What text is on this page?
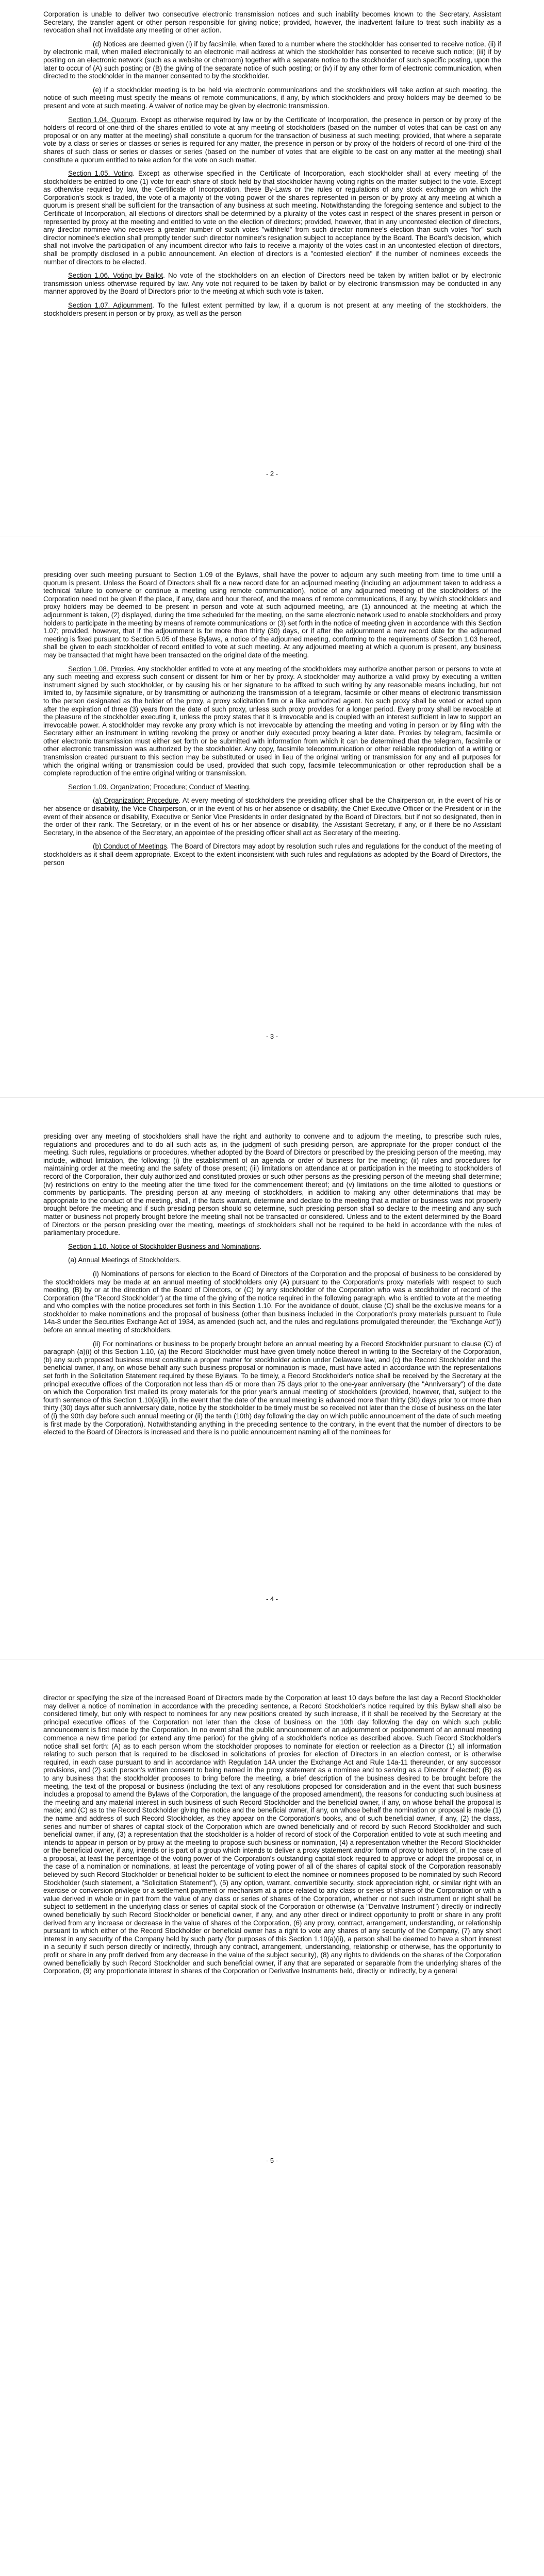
Corporation is unable to deliver two consecutive electronic transmission notices and such inability becomes known to the Secretary, Assistant Secretary, the transfer agent or other person responsible for giving notice; provided, however, the inadvertent failure to treat such inability as a revocation shall not invalidate any meeting or other action.

(d) Notices are deemed given (i) if by facsimile, when faxed to a number where the stockholder has consented to receive notice, (ii) if by electronic mail, when mailed electronically to an electronic mail address at which the stockholder has consented to receive such notice; (iii) if by posting on an electronic network (such as a website or chatroom) together with a separate notice to the stockholder of such specific posting, upon the later to occur of (A) such posting or (B) the giving of the separate notice of such posting; or (iv) if by any other form of electronic communication, when directed to the stockholder in the manner consented to by the stockholder.

(e) If a stockholder meeting is to be held via electronic communications and the stockholders will take action at such meeting, the notice of such meeting must specify the means of remote communications, if any, by which stockholders and proxy holders may be deemed to be present and vote at such meeting. A waiver of notice may be given by electronic transmission.

Section 1.04. Quorum. Except as otherwise required by law or by the Certificate of Incorporation, the presence in person or by proxy of the holders of record of one-third of the shares entitled to vote at any meeting of stockholders (based on the number of votes that can be cast on any proposal or on any matter at the meeting) shall constitute a quorum for the transaction of business at such meeting; provided, that where a separate vote by a class or series or classes or series is required for any matter, the presence in person or by proxy of the holders of record of one-third of the shares of such class or series or classes or series (based on the number of votes that are eligible to be cast on any matter at the meeting) shall constitute a quorum entitled to take action for the vote on such matter.

Section 1.05. Voting. Except as otherwise specified in the Certificate of Incorporation, each stockholder shall at every meeting of the stockholders be entitled to one (1) vote for each share of stock held by that stockholder having voting rights on the matter subject to the vote. Except as otherwise required by law, the Certificate of Incorporation, these By-Laws or the rules or regulations of any stock exchange on which the Corporation's stock is traded, the vote of a majority of the voting power of the shares represented in person or by proxy at any meeting at which a quorum is present shall be sufficient for the transaction of any business at such meeting. Notwithstanding the foregoing sentence and subject to the Certificate of Incorporation, all elections of directors shall be determined by a plurality of the votes cast in respect of the shares present in person or represented by proxy at the meeting and entitled to vote on the election of directors; provided, however, that in any uncontested election of directors, any director nominee who receives a greater number of such votes "withheld" from such director nominee's election than such votes "for" such director nominee's election shall promptly tender such director nominee's resignation subject to acceptance by the Board. The Board's decision, which shall not involve the participation of any incumbent director who fails to receive a majority of the votes cast in an uncontested election of directors, shall be promptly disclosed in a public announcement. An election of directors is a "contested election" if the number of nominees exceeds the number of directors to be elected.

Section 1.06. Voting by Ballot. No vote of the stockholders on an election of Directors need be taken by written ballot or by electronic transmission unless otherwise required by law. Any vote not required to be taken by ballot or by electronic transmission may be conducted in any manner approved by the Board of Directors prior to the meeting at which such vote is taken.

Section 1.07. Adjournment. To the fullest extent permitted by law, if a quorum is not present at any meeting of the stockholders, the stockholders present in person or by proxy, as well as the person

- 2 -

presiding over such meeting pursuant to Section 1.09 of the Bylaws, shall have the power to adjourn any such meeting from time to time until a quorum is present. Unless the Board of Directors shall fix a new record date for an adjourned meeting (including an adjournment taken to address a technical failure to convene or continue a meeting using remote communication), notice of any adjourned meeting of the stockholders of the Corporation need not be given if the place, if any, date and hour thereof, and the means of remote communications, if any, by which stockholders and proxy holders may be deemed to be present in person and vote at such adjourned meeting, are (1) announced at the meeting at which the adjournment is taken, (2) displayed, during the time scheduled for the meeting, on the same electronic network used to enable stockholders and proxy holders to participate in the meeting by means of remote communications or (3) set forth in the notice of meeting given in accordance with this Section 1.07; provided, however, that if the adjournment is for more than thirty (30) days, or if after the adjournment a new record date for the adjourned meeting is fixed pursuant to Section 5.05 of these Bylaws, a notice of the adjourned meeting, conforming to the requirements of Section 1.03 hereof, shall be given to each stockholder of record entitled to vote at such meeting. At any adjourned meeting at which a quorum is present, any business may be transacted that might have been transacted on the original date of the meeting.

Section 1.08. Proxies. Any stockholder entitled to vote at any meeting of the stockholders may authorize another person or persons to vote at any such meeting and express such consent or dissent for him or her by proxy. A stockholder may authorize a valid proxy by executing a written instrument signed by such stockholder, or by causing his or her signature to be affixed to such writing by any reasonable means including, but not limited to, by facsimile signature, or by transmitting or authorizing the transmission of a telegram, facsimile or other means of electronic transmission to the person designated as the holder of the proxy, a proxy solicitation firm or a like authorized agent. No such proxy shall be voted or acted upon after the expiration of three (3) years from the date of such proxy, unless such proxy provides for a longer period. Every proxy shall be revocable at the pleasure of the stockholder executing it, unless the proxy states that it is irrevocable and is coupled with an interest sufficient in law to support an irrevocable power. A stockholder may revoke any proxy which is not irrevocable by attending the meeting and voting in person or by filing with the Secretary either an instrument in writing revoking the proxy or another duly executed proxy bearing a later date. Proxies by telegram, facsimile or other electronic transmission must either set forth or be submitted with information from which it can be determined that the telegram, facsimile or other electronic transmission was authorized by the stockholder. Any copy, facsimile telecommunication or other reliable reproduction of a writing or transmission created pursuant to this section may be substituted or used in lieu of the original writing or transmission for any and all purposes for which the original writing or transmission could be used, provided that such copy, facsimile telecommunication or other reproduction shall be a complete reproduction of the entire original writing or transmission.

Section 1.09. Organization; Procedure; Conduct of Meeting.

(a) Organization; Procedure. At every meeting of stockholders the presiding officer shall be the Chairperson or, in the event of his or her absence or disability, the Vice Chairperson, or in the event of his or her absence or disability, the Chief Executive Officer or the President or in the event of their absence or disability, Executive or Senior Vice Presidents in order designated by the Board of Directors, but if not so designated, then in the order of their rank. The Secretary, or in the event of his or her absence or disability, the Assistant Secretary, if any, or if there be no Assistant Secretary, in the absence of the Secretary, an appointee of the presiding officer shall act as Secretary of the meeting.

(b) Conduct of Meetings. The Board of Directors may adopt by resolution such rules and regulations for the conduct of the meeting of stockholders as it shall deem appropriate. Except to the extent inconsistent with such rules and regulations as adopted by the Board of Directors, the person

- 3 -

presiding over any meeting of stockholders shall have the right and authority to convene and to adjourn the meeting, to prescribe such rules, regulations and procedures and to do all such acts as, in the judgment of such presiding person, are appropriate for the proper conduct of the meeting. Such rules, regulations or procedures, whether adopted by the Board of Directors or prescribed by the presiding person of the meeting, may include, without limitation, the following: (i) the establishment of an agenda or order of business for the meeting; (ii) rules and procedures for maintaining order at the meeting and the safety of those present; (iii) limitations on attendance at or participation in the meeting to stockholders of record of the Corporation, their duly authorized and constituted proxies or such other persons as the presiding person of the meeting shall determine; (iv) restrictions on entry to the meeting after the time fixed for the commencement thereof; and (v) limitations on the time allotted to questions or comments by participants. The presiding person at any meeting of stockholders, in addition to making any other determinations that may be appropriate to the conduct of the meeting, shall, if the facts warrant, determine and declare to the meeting that a matter or business was not properly brought before the meeting and if such presiding person should so determine, such presiding person shall so declare to the meeting and any such matter or business not properly brought before the meeting shall not be transacted or considered. Unless and to the extent determined by the Board of Directors or the person presiding over the meeting, meetings of stockholders shall not be required to be held in accordance with the rules of parliamentary procedure.

Section 1.10. Notice of Stockholder Business and Nominations.

(a) Annual Meetings of Stockholders.

(i) Nominations of persons for election to the Board of Directors of the Corporation and the proposal of business to be considered by the stockholders may be made at an annual meeting of stockholders only (A) pursuant to the Corporation's proxy materials with respect to such meeting, (B) by or at the direction of the Board of Directors, or (C) by any stockholder of the Corporation who was a stockholder of record of the Corporation (the "Record Stockholder") at the time of the giving of the notice required in the following paragraph, who is entitled to vote at the meeting and who complies with the notice procedures set forth in this Section 1.10. For the avoidance of doubt, clause (C) shall be the exclusive means for a stockholder to make nominations and the proposal of business (other than business included in the Corporation's proxy materials pursuant to Rule 14a-8 under the Securities Exchange Act of 1934, as amended (such act, and the rules and regulations promulgated thereunder, the "Exchange Act")) before an annual meeting of stockholders.

(ii) For nominations or business to be properly brought before an annual meeting by a Record Stockholder pursuant to clause (C) of paragraph (a)(i) of this Section 1.10, (a) the Record Stockholder must have given timely notice thereof in writing to the Secretary of the Corporation, (b) any such proposed business must constitute a proper matter for stockholder action under Delaware law, and (c) the Record Stockholder and the beneficial owner, if any, on whose behalf any such business proposal or nomination is made, must have acted in accordance with the representations set forth in the Solicitation Statement required by these Bylaws. To be timely, a Record Stockholder's notice shall be received by the Secretary at the principal executive offices of the Corporation not less than 45 or more than 75 days prior to the one-year anniversary (the "Anniversary") of the date on which the Corporation first mailed its proxy materials for the prior year's annual meeting of stockholders (provided, however, that, subject to the fourth sentence of this Section 1.10(a)(ii), in the event that the date of the annual meeting is advanced more than thirty (30) days prior to or more than thirty (30) days after such anniversary date, notice by the stockholder to be timely must be so received not later than the close of business on the later of (i) the 90th day before such annual meeting or (ii) the tenth (10th) day following the day on which public announcement of the date of such meeting is first made by the Corporation). Notwithstanding anything in the preceding sentence to the contrary, in the event that the number of directors to be elected to the Board of Directors is increased and there is no public announcement naming all of the nominees for

- 4 -

director or specifying the size of the increased Board of Directors made by the Corporation at least 10 days before the last day a Record Stockholder may deliver a notice of nomination in accordance with the preceding sentence, a Record Stockholder's notice required by this Bylaw shall also be considered timely, but only with respect to nominees for any new positions created by such increase, if it shall be received by the Secretary at the principal executive offices of the Corporation not later than the close of business on the 10th day following the day on which such public announcement is first made by the Corporation. In no event shall the public announcement of an adjournment or postponement of an annual meeting commence a new time period (or extend any time period) for the giving of a stockholder's notice as described above. Such Record Stockholder's notice shall set forth: (A) as to each person whom the stockholder proposes to nominate for election or reelection as a Director (1) all information relating to such person that is required to be disclosed in solicitations of proxies for election of Directors in an election contest, or is otherwise required, in each case pursuant to and in accordance with Regulation 14A under the Exchange Act and Rule 14a-11 thereunder, or any successor provisions, and (2) such person's written consent to being named in the proxy statement as a nominee and to serving as a Director if elected; (B) as to any business that the stockholder proposes to bring before the meeting, a brief description of the business desired to be brought before the meeting, the text of the proposal or business (including the text of any resolutions proposed for consideration and in the event that such business includes a proposal to amend the Bylaws of the Corporation, the language of the proposed amendment), the reasons for conducting such business at the meeting and any material interest in such business of such Record Stockholder and the beneficial owner, if any, on whose behalf the proposal is made; and (C) as to the Record Stockholder giving the notice and the beneficial owner, if any, on whose behalf the nomination or proposal is made (1) the name and address of such Record Stockholder, as they appear on the Corporation's books, and of such beneficial owner, if any, (2) the class, series and number of shares of capital stock of the Corporation which are owned beneficially and of record by such Record Stockholder and such beneficial owner, if any, (3) a representation that the stockholder is a holder of record of stock of the Corporation entitled to vote at such meeting and intends to appear in person or by proxy at the meeting to propose such business or nomination, (4) a representation whether the Record Stockholder or the beneficial owner, if any, intends or is part of a group which intends to deliver a proxy statement and/or form of proxy to holders of, in the case of a proposal, at least the percentage of the voting power of the Corporation's outstanding capital stock required to approve or adopt the proposal or, in the case of a nomination or nominations, at least the percentage of voting power of all of the shares of capital stock of the Corporation reasonably believed by such Record Stockholder or beneficial holder to be sufficient to elect the nominee or nominees proposed to be nominated by such Record Stockholder (such statement, a "Solicitation Statement"), (5) any option, warrant, convertible security, stock appreciation right, or similar right with an exercise or conversion privilege or a settlement payment or mechanism at a price related to any class or series of shares of the Corporation or with a value derived in whole or in part from the value of any class or series of shares of the Corporation, whether or not such instrument or right shall be subject to settlement in the underlying class or series of capital stock of the Corporation or otherwise (a "Derivative Instrument") directly or indirectly owned beneficially by such Record Stockholder or beneficial owner, if any, and any other direct or indirect opportunity to profit or share in any profit derived from any increase or decrease in the value of shares of the Corporation, (6) any proxy, contract, arrangement, understanding, or relationship pursuant to which either of the Record Stockholder or beneficial owner has a right to vote any shares of any security of the Company, (7) any short interest in any security of the Company held by such party (for purposes of this Section 1.10(a)(ii), a person shall be deemed to have a short interest in a security if such person directly or indirectly, through any contract, arrangement, understanding, relationship or otherwise, has the opportunity to profit or share in any profit derived from any decrease in the value of the subject security), (8) any rights to dividends on the shares of the Corporation owned beneficially by such Record Stockholder and such beneficial owner, if any that are separated or separable from the underlying shares of the Corporation, (9) any proportionate interest in shares of the Corporation or Derivative Instruments held, directly or indirectly, by a general

- 5 -
